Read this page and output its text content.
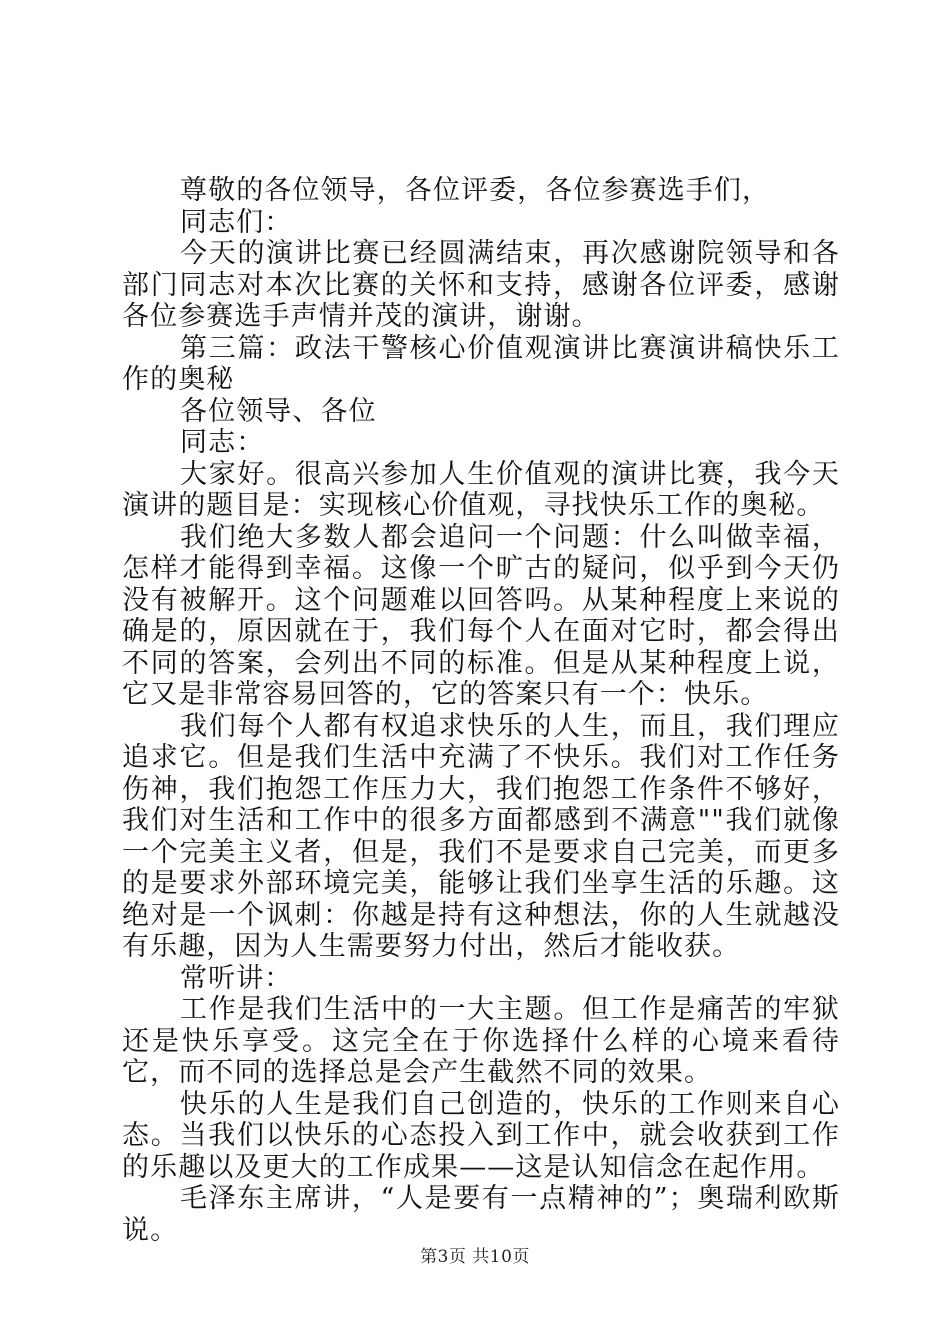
尊敬的各位领导，各位评委，各位参赛选手们，

同志们：

今天的演讲比赛已经圆满结束，再次感谢院领导和各部门同志对本次比赛的关怀和支持，感谢各位评委，感谢各位参赛选手声情并茂的演讲，谢谢。

第三篇：政法干警核心价值观演讲比赛演讲稿快乐工作的奥秘

各位领导、各位

同志：

大家好。很高兴参加人生价值观的演讲比赛，我今天演讲的题目是：实现核心价值观，寻找快乐工作的奥秘。

我们绝大多数人都会追问一个问题：什么叫做幸福，怎样才能得到幸福。这像一个旷古的疑问，似乎到今天仍没有被解开。这个问题难以回答吗。从某种程度上来说的确是的，原因就在于，我们每个人在面对它时，都会得出不同的答案，会列出不同的标准。但是从某种程度上说，它又是非常容易回答的，它的答案只有一个：快乐。

我们每个人都有权追求快乐的人生，而且，我们理应追求它。但是我们生活中充满了不快乐。我们对工作任务伤神，我们抱怨工作压力大，我们抱怨工作条件不够好，我们对生活和工作中的很多方面都感到不满意""我们就像一个完美主义者，但是，我们不是要求自己完美，而更多的是要求外部环境完美，能够让我们坐享生活的乐趣。这绝对是一个讽刺：你越是持有这种想法，你的人生就越没有乐趣，因为人生需要努力付出，然后才能收获。

常听讲：

工作是我们生活中的一大主题。但工作是痛苦的牢狱还是快乐享受。这完全在于你选择什么样的心境来看待它，而不同的选择总是会产生截然不同的效果。

快乐的人生是我们自己创造的，快乐的工作则来自心态。当我们以快乐的心态投入到工作中，就会收获到工作的乐趣以及更大的工作成果——这是认知信念在起作用。

毛泽东主席讲，“人是要有一点精神的”；奥瑞利欧斯说。

第3页 共10页
